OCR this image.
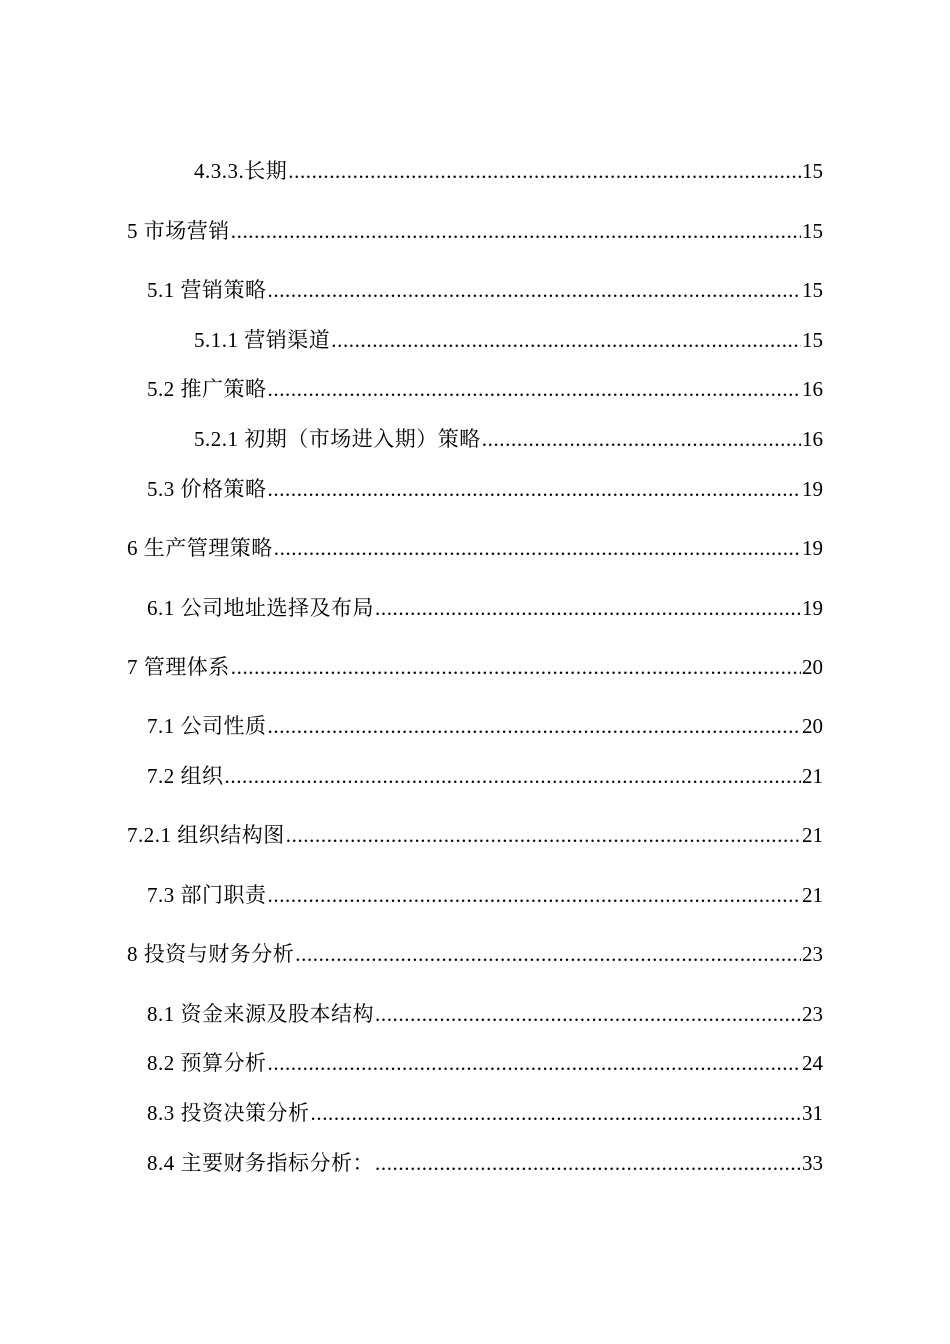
4.3.3.长期 .....	15
5 市场营销 .....	15
5.1 营销策略 .....	15
5.1.1 营销渠道 .....	15
5.2 推广策略 .....	16
5.2.1 初期（市场进入期）策略 .....	16
5.3 价格策略 .....	19
6 生产管理策略 .....	19
6.1 公司地址选择及布局 .....	19
7 管理体系 .....	20
7.1 公司性质 .....	20
7.2 组织 .....	21
7.2.1 组织结构图 .....	21
7.3 部门职责 .....	21
8 投资与财务分析 .....	23
8.1 资金来源及股本结构 .....	23
8.2 预算分析 .....	24
8.3 投资决策分析 .....	31
8.4 主要财务指标分析： .....	33
